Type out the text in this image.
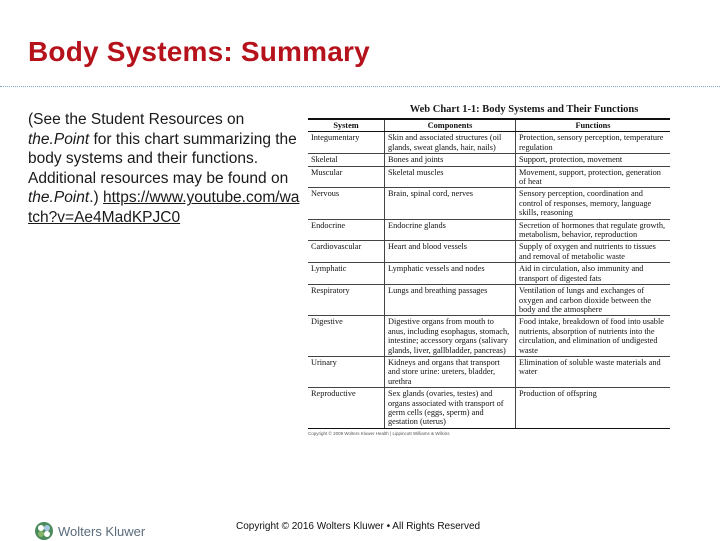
Body Systems: Summary
(See the Student Resources on the.Point for this chart summarizing the body systems and their functions. Additional resources may be found on the.Point.) https://www.youtube.com/watch?v=Ae4MadKPJC0
Web Chart 1-1: Body Systems and Their Functions
System	Components	Functions
Integumentary	Skin and associated structures (oil glands, sweat glands, hair, nails)	Protection, sensory perception, temperature regulation
Skeletal	Bones and joints	Support, protection, movement
Muscular	Skeletal muscles	Movement, support, protection, generation of heat
Nervous	Brain, spinal cord, nerves	Sensory perception, coordination and control of responses, memory, language skills, reasoning
Endocrine	Endocrine glands	Secretion of hormones that regulate growth, metabolism, behavior, reproduction
Cardiovascular	Heart and blood vessels	Supply of oxygen and nutrients to tissues and removal of metabolic waste
Lymphatic	Lymphatic vessels and nodes	Aid in circulation, also immunity and transport of digested fats
Respiratory	Lungs and breathing passages	Ventilation of lungs and exchanges of oxygen and carbon dioxide between the body and the atmosphere
Digestive	Digestive organs from mouth to anus, including esophagus, stomach, intestine; accessory organs (salivary glands, liver, gallbladder, pancreas)	Food intake, breakdown of food into usable nutrients, absorption of nutrients into the circulation, and elimination of undigested waste
Urinary	Kidneys and organs that transport and store urine: ureters, bladder, urethra	Elimination of soluble waste materials and water
Reproductive	Sex glands (ovaries, testes) and organs associated with transport of germ cells (eggs, sperm) and gestation (uterus)	Production of offspring
Copyright © 2009 Wolters Kluwer Health | Lippincott Williams & Wilkins
Wolters Kluwer	Copyright © 2016 Wolters Kluwer • All Rights Reserved
